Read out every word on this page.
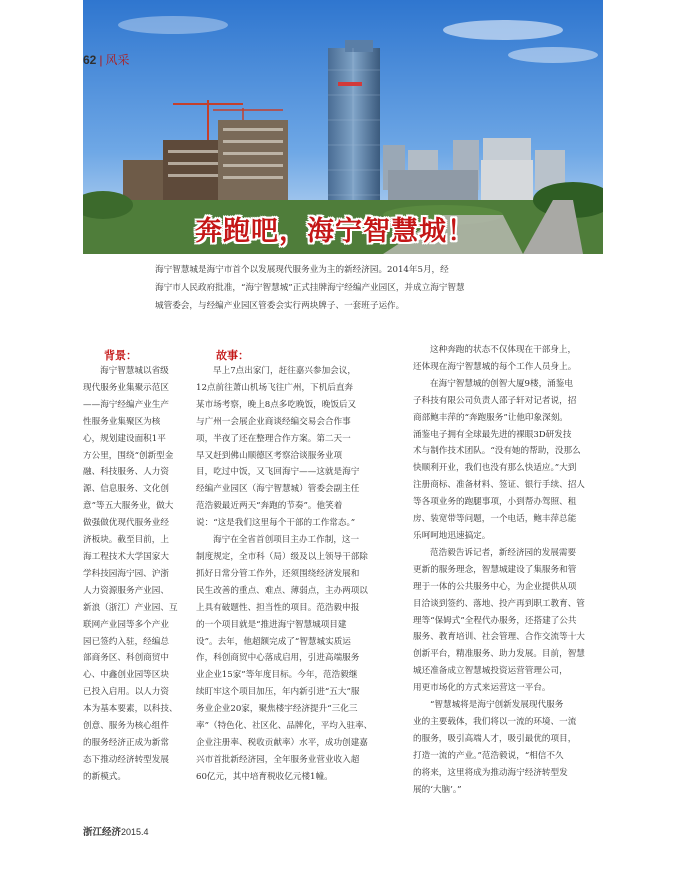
62 | 风采
奔跑吧，海宁智慧城！
海宁智慧城是海宁市首个以发展现代服务业为主的新经济园。2014年5月，经
海宁市人民政府批准，“海宁智慧城”正式挂牌海宁经编产业园区，并成立海宁智慧
城管委会，与经编产业园区管委会实行两块牌子、一套班子运作。
背景：	故事：
海宁智慧城以省级
现代服务业集聚示范区
——海宁经编产业生产
性服务业集聚区为核
心，规划建设面积1平
方公里，围绕“创新型金
融、科技服务、人力资
源、信息服务、文化创
意”等五大服务业，做大
做强做优现代服务业经
济板块。截至目前，上
海工程技术大学国家大
学科技园海宁园、沪浙
人力资源服务产业园、
新浪（浙江）产业园、互
联网产业园等多个产业
园已签约入驻，经编总
部商务区、科创商贸中
心、中鑫创业园等区块
已投入启用。以人力资
本为基本要素，以科技、
创意、服务为核心组件
的服务经济正成为新常
态下推动经济转型发展
的新模式。
早上7点出家门，赶往嘉兴参加会议，
12点前往萧山机场飞往广州，下机后直奔
某市场考察，晚上8点多吃晚饭，晚饭后又
与广州一会展企业商谈经编交易会合作事
项，半夜了还在整理合作方案。第二天一
早又赶到佛山顺德区考察洽谈服务业项
目，吃过中饭，又飞回海宁——这就是海宁
经编产业园区（海宁智慧城）管委会副主任
范浩毅最近两天“奔跑的节奏”。他笑着
说：“这是我们这里每个干部的工作常态。”
海宁在全省首创项目主办工作制，这一
制度规定，全市科（局）级及以上领导干部除
抓好日常分管工作外，还须围绕经济发展和
民生改善的重点、难点、薄弱点，主办两项以
上具有破题性、担当性的项目。范浩毅申报
的一个项目就是“推进海宁智慧城项目建
设”。去年，他超额完成了“智慧城实质运
作，科创商贸中心落成启用，引进高端服务
业企业15家”等年度目标。今年，范浩毅继
续盯牢这个项目加压，年内新引进“五大”服
务业企业20家，聚焦楼宇经济提升“三化三
率”（特色化、社区化、品牌化，平均入驻率、
企业注册率、税收贡献率）水平，成功创建嘉
兴市首批新经济园，全年服务业营业收入超
60亿元，其中培育税收亿元楼1幢。
这种奔跑的状态不仅体现在干部身上，
还体现在海宁智慧城的每个工作人员身上。
在海宁智慧城的创智大厦9楼，涌鉴电
子科技有限公司负责人邵子轩对记者说，招
商部鲍丰萍的“奔跑服务”让他印象深刻。
涌鉴电子拥有全球最先进的裸眼3D研发技
术与制作技术团队。“没有她的帮助，没那么
快顺利开业，我们也没有那么快适应。”大到
注册商标、准备材料、签证、银行手续、招人
等各项业务的跑腿事项，小到帮办驾照、租
房、装宽带等问题，一个电话，鲍丰萍总能
乐呵呵地迅速搞定。
范浩毅告诉记者，新经济园的发展需要
更新的服务理念，智慧城建设了集服务和管
理于一体的公共服务中心，为企业提供从项
目洽谈到签约、落地、投产再到职工教育、管
理等“保姆式”全程代办服务，还搭建了公共
服务、教育培训、社会管理、合作交流等十大
创新平台，精准服务、助力发展。目前，智慧
城还准备成立智慧城投资运营管理公司，
用更市场化的方式来运营这一平台。
“智慧城将是海宁创新发展现代服务
业的主要载体，我们将以一流的环境、一流
的服务，吸引高端人才，吸引最优的项目，
打造一流的产业。”范浩毅说，“相信不久
的将来，这里将成为推动海宁经济转型发
展的‘大脑’。”
浙江经济2015.4
